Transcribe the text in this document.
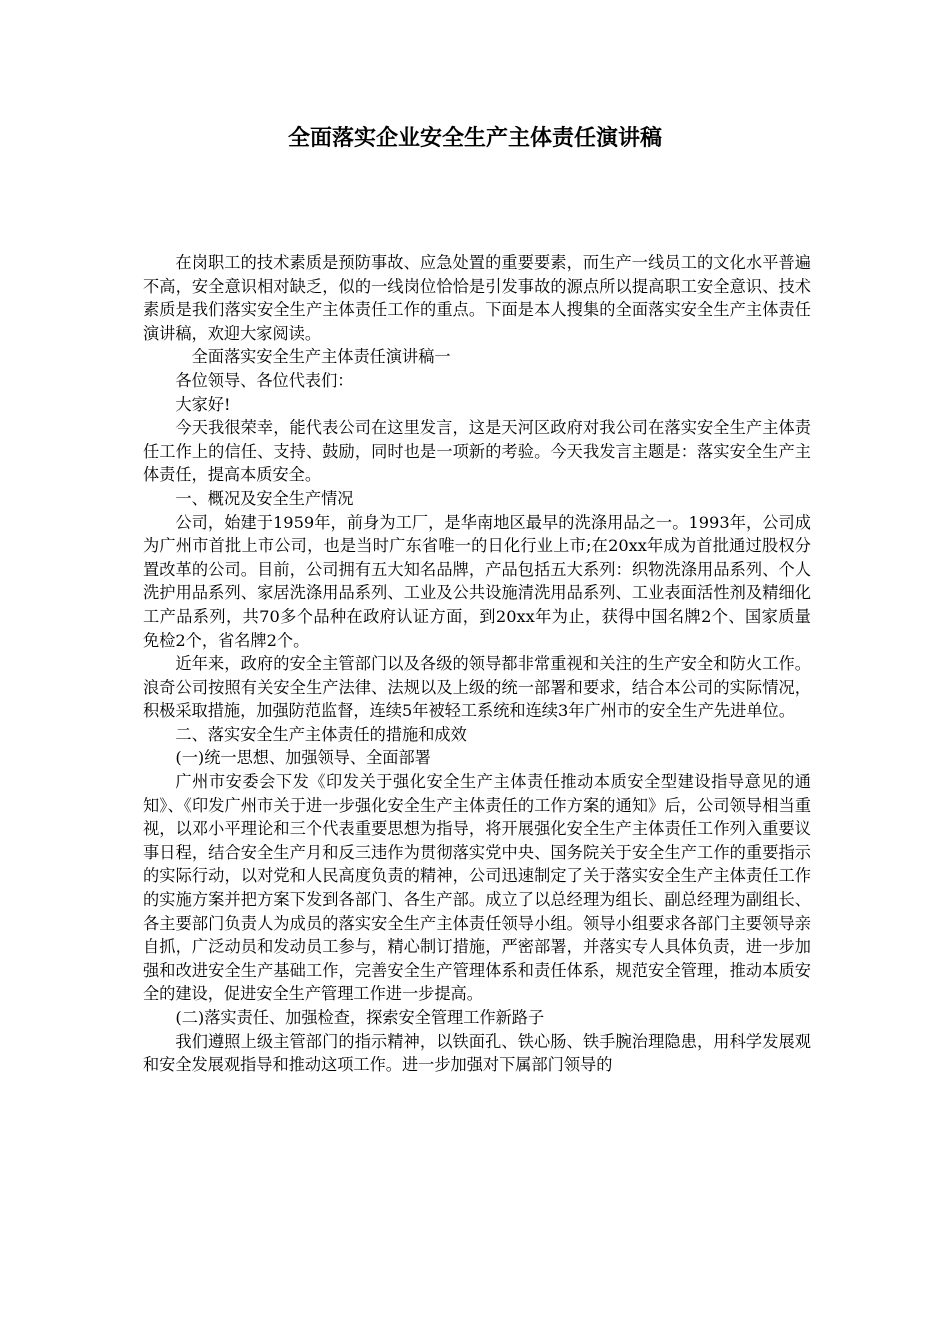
全面落实企业安全生产主体责任演讲稿

在岗职工的技术素质是预防事故、应急处置的重要要素，而生产一线员工的文化水平普遍不高，安全意识相对缺乏，似的一线岗位恰恰是引发事故的源点所以提高职工安全意识、技术素质是我们落实安全生产主体责任工作的重点。下面是本人搜集的全面落实安全生产主体责任演讲稿，欢迎大家阅读。

全面落实安全生产主体责任演讲稿一

各位领导、各位代表们：

大家好!

今天我很荣幸，能代表公司在这里发言，这是天河区政府对我公司在落实安全生产主体责任工作上的信任、支持、鼓励，同时也是一项新的考验。今天我发言主题是：落实安全生产主体责任，提高本质安全。

一、概况及安全生产情况

公司，始建于1959年，前身为工厂，是华南地区最早的洗涤用品之一。1993年，公司成为广州市首批上市公司，也是当时广东省唯一的日化行业上市;在20xx年成为首批通过股权分置改革的公司。目前，公司拥有五大知名品牌，产品包括五大系列：织物洗涤用品系列、个人洗护用品系列、家居洗涤用品系列、工业及公共设施清洗用品系列、工业表面活性剂及精细化工产品系列，共70多个品种在政府认证方面，到20xx年为止，获得中国名牌2个、国家质量免检2个，省名牌2个。

近年来，政府的安全主管部门以及各级的领导都非常重视和关注的生产安全和防火工作。浪奇公司按照有关安全生产法律、法规以及上级的统一部署和要求，结合本公司的实际情况，积极采取措施，加强防范监督，连续5年被轻工系统和连续3年广州市的安全生产先进单位。

二、落实安全生产主体责任的措施和成效

(一)统一思想、加强领导、全面部署

广州市安委会下发《印发关于强化安全生产主体责任推动本质安全型建设指导意见的通知》、《印发广州市关于进一步强化安全生产主体责任的工作方案的通知》后，公司领导相当重视，以邓小平理论和三个代表重要思想为指导，将开展强化安全生产主体责任工作列入重要议事日程，结合安全生产月和反三违作为贯彻落实党中央、国务院关于安全生产工作的重要指示的实际行动，以对党和人民高度负责的精神，公司迅速制定了关于落实安全生产主体责任工作的实施方案并把方案下发到各部门、各生产部。成立了以总经理为组长、副总经理为副组长、各主要部门负责人为成员的落实安全生产主体责任领导小组。领导小组要求各部门主要领导亲自抓，广泛动员和发动员工参与，精心制订措施，严密部署，并落实专人具体负责，进一步加强和改进安全生产基础工作，完善安全生产管理体系和责任体系，规范安全管理，推动本质安全的建设，促进安全生产管理工作进一步提高。

(二)落实责任、加强检查，探索安全管理工作新路子

我们遵照上级主管部门的指示精神，以铁面孔、铁心肠、铁手腕治理隐患，用科学发展观和安全发展观指导和推动这项工作。进一步加强对下属部门领导的
